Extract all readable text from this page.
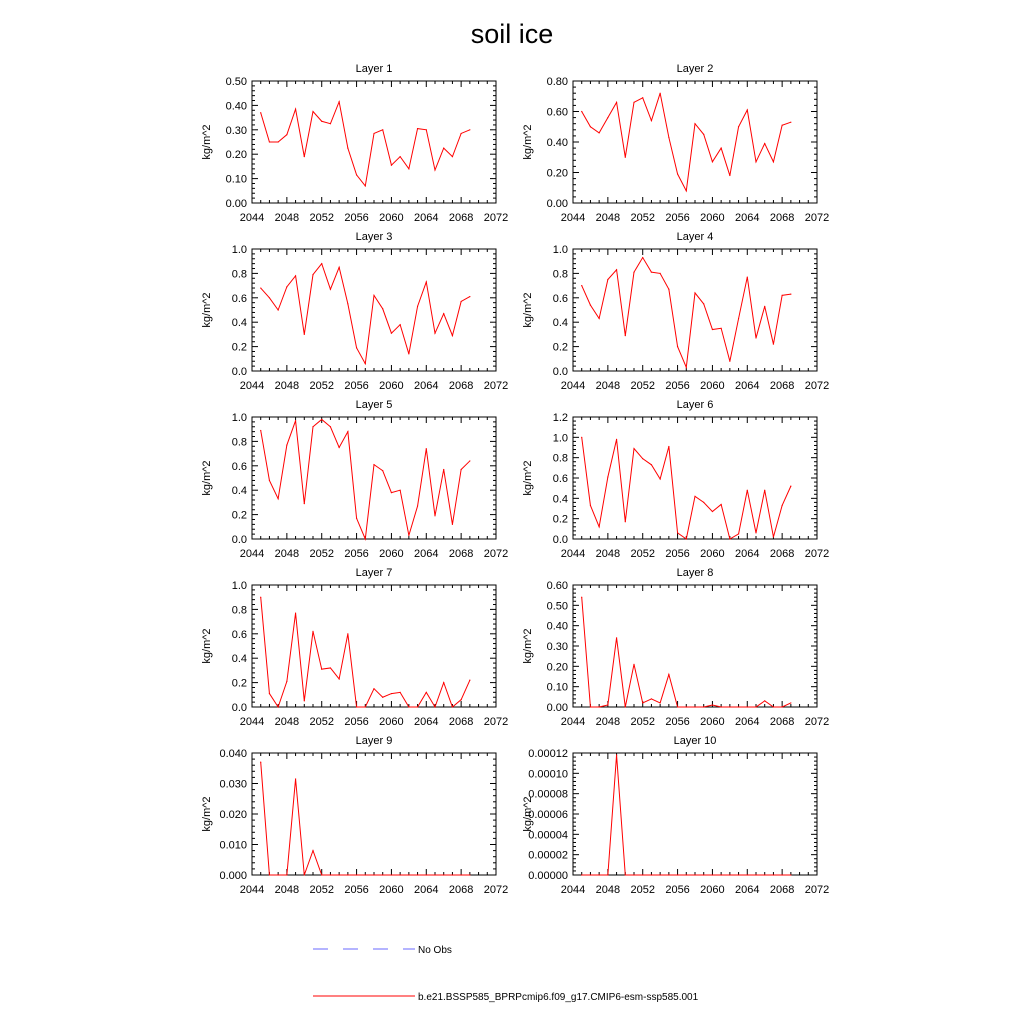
soil ice
Layer 1
kg/m^2
2044 2048 2052 2056 2060 2064 2068 2072
0.00
0.10
0.20
0.30
0.40
0.50
Layer 2
kg/m^2
2044 2048 2052 2056 2060 2064 2068 2072
0.00
0.20
0.40
0.60
0.80
Layer 3
kg/m^2
2044 2048 2052 2056 2060 2064 2068 2072
0.0
0.2
0.4
0.6
0.8
1.0
Layer 4
kg/m^2
2044 2048 2052 2056 2060 2064 2068 2072
0.0
0.2
0.4
0.6
0.8
1.0
Layer 5
kg/m^2
2044 2048 2052 2056 2060 2064 2068 2072
0.0
0.2
0.4
0.6
0.8
1.0
Layer 6
kg/m^2
2044 2048 2052 2056 2060 2064 2068 2072
0.0
0.2
0.4
0.6
0.8
1.0
1.2
Layer 7
kg/m^2
2044 2048 2052 2056 2060 2064 2068 2072
0.0
0.2
0.4
0.6
0.8
1.0
Layer 8
kg/m^2
2044 2048 2052 2056 2060 2064 2068 2072
0.00
0.10
0.20
0.30
0.40
0.50
0.60
Layer 9
kg/m^2
2044 2048 2052 2056 2060 2064 2068 2072
0.000
0.010
0.020
0.030
0.040
Layer 10
kg/m^2
2044 2048 2052 2056 2060 2064 2068 2072
0.00000
0.00002
0.00004
0.00006
0.00008
0.00010
0.00012
No Obs
b.e21.BSSP585_BPRPcmip6.f09_g17.CMIP6-esm-ssp585.001
